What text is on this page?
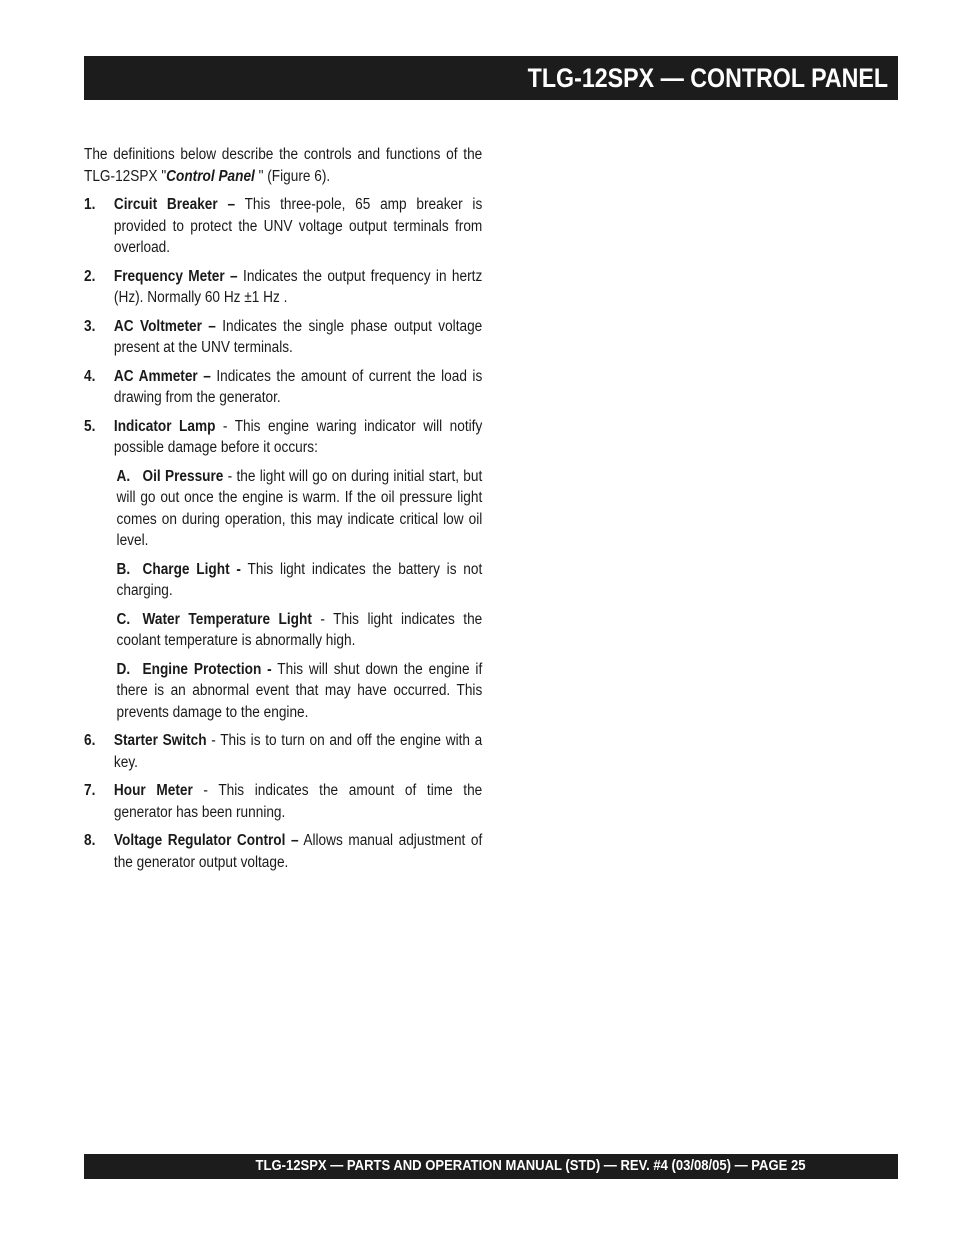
TLG-12SPX — CONTROL PANEL

The definitions below describe the controls and functions of the TLG-12SPX "Control Panel " (Figure 6).

1. Circuit Breaker – This three-pole, 65 amp breaker is provided to protect the UNV voltage output terminals from overload.
2. Frequency Meter – Indicates the output frequency in hertz (Hz). Normally 60 Hz ±1 Hz .
3. AC Voltmeter – Indicates the single phase output voltage present at the UNV terminals.
4. AC Ammeter – Indicates the amount of current the load is drawing from the generator.
5. Indicator Lamp - This engine waring indicator will notify possible damage before it occurs:
A. Oil Pressure - the light will go on during initial start, but will go out once the engine is warm. If the oil pressure light comes on during operation, this may indicate critical low oil level.
B. Charge Light - This light indicates the battery is not charging.
C. Water Temperature Light - This light indicates the coolant temperature is abnormally high.
D. Engine Protection - This will shut down the engine if there is an abnormal event that may have occurred. This prevents damage to the engine.
6. Starter Switch - This is to turn on and off the engine with a key.
7. Hour Meter - This indicates the amount of time the generator has been running.
8. Voltage Regulator Control – Allows manual adjustment of the generator output voltage.
TLG-12SPX — PARTS AND OPERATION MANUAL (STD) — REV. #4 (03/08/05) — PAGE 25
